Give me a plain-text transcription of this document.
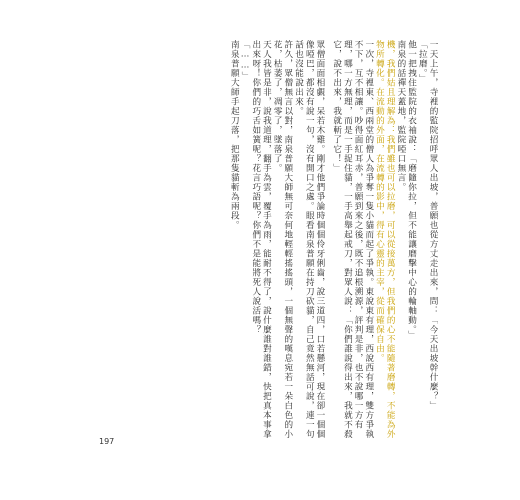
一天上午，寺裡的監院招呼眾人出坡，普願也從方丈走出來，問：「今天出坡幹什麼？」

「拉磨。」

他一把拽住監院的衣袖說：「磨隨你拉，但不能讓磨擊中心的輪軸動。」

南泉的話禪天蓋地，監院啞口無言。

機，我們姑且理解為：我們雖也可以拉磨，可以從接萬方，但我們的心不能隨著磨轉，不能為外物所轉化。在流動的外面，在流轉的影中，得有心靈的主宰，從而確保自由。

一次，寺裡東、西兩堂的僧人為爭奪一隻小貓而起了爭執。東說東有理，西說西有理，雙方爭執不下，互不相讓。吵得面紅耳赤，普願到來之後，既不追根溯源，評判是非，也不說哪一方有理，哪一方無理，而是一手捉住貓，一手高舉起戒刀，對眾人說：「你們誰說得出來，我就不殺它，說不出來，我就斬了它！」

眾僧面面相覷，呆若木雞。剛才他們爭論時個個伶牙俐齒，說三道四，口若懸河，現在卻一個個像啞巴，都沒有說一句，沒有開口之處。眼看南泉普願在持刀砍貓，自己竟然無話可說，連一句話也沒能說出來。

許久，眾僧無言以對，南泉普願大師無可奈何地輕輕搖搖頭，一個無聲的嘆息宛若一朵白色的小花，枯萎了，凋零了，墜落了。

天人我皆是非，說我道理，翻手為雲，覆手為雨，能耐不得了，說什麼誰對誰錯，快把真本事拿出來呀！你們的巧舌如簧呢？花言巧語呢？你們不是能將死人說活嗎？

「……」

南泉普願大師手起刀落，把那隻貓斬為兩段。

197
